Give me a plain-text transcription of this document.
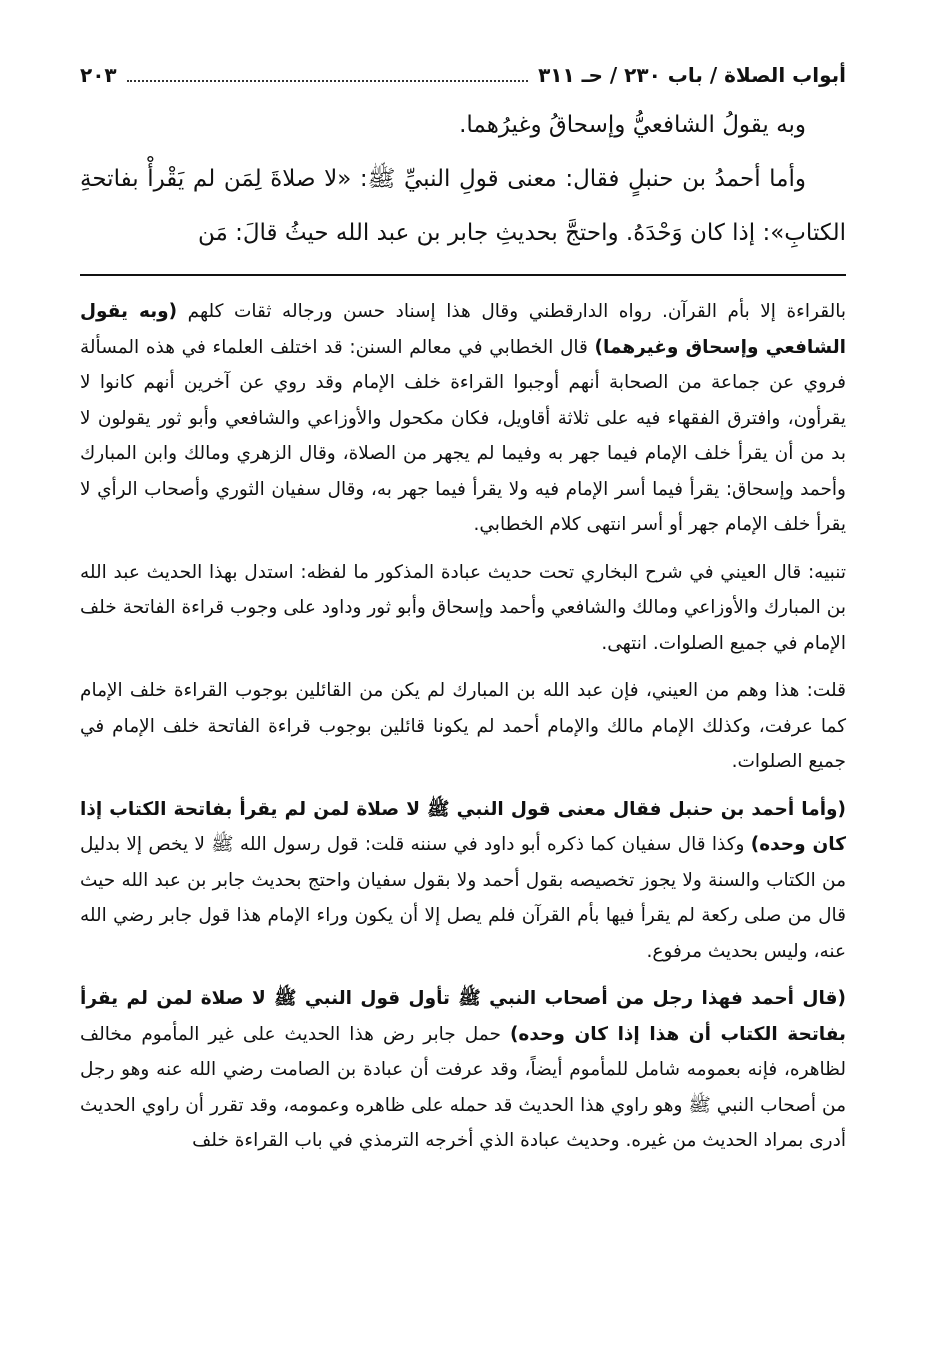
أبواب الصلاة / باب ٢٣٠ / حـ ٣١١
٢٠٣

وبه يقولُ الشافعيُّ وإسحاقُ وغيرُهما.

وأما أحمدُ بن حنبلٍ فقال: معنى قولِ النبيِّ ﷺ: «لا صلاةَ لِمَن لم يَقْرأْ بفاتحةِ الكتابِ»: إذا كان وَحْدَهُ. واحتجَّ بحديثِ جابر بن عبد الله حيثُ قالَ: مَن

بالقراءة إلا بأم القرآن. رواه الدارقطني وقال هذا إسناد حسن ورجاله ثقات كلهم (وبه يقول الشافعي وإسحاق وغيرهما) قال الخطابي في معالم السنن: قد اختلف العلماء في هذه المسألة فروي عن جماعة من الصحابة أنهم أوجبوا القراءة خلف الإمام وقد روي عن آخرين أنهم كانوا لا يقرأون، وافترق الفقهاء فيه على ثلاثة أقاويل، فكان مكحول والأوزاعي والشافعي وأبو ثور يقولون لا بد من أن يقرأ خلف الإمام فيما جهر به وفيما لم يجهر من الصلاة، وقال الزهري ومالك وابن المبارك وأحمد وإسحاق: يقرأ فيما أسر الإمام فيه ولا يقرأ فيما جهر به، وقال سفيان الثوري وأصحاب الرأي لا يقرأ خلف الإمام جهر أو أسر انتهى كلام الخطابي.

تنبيه: قال العيني في شرح البخاري تحت حديث عبادة المذكور ما لفظه: استدل بهذا الحديث عبد الله بن المبارك والأوزاعي ومالك والشافعي وأحمد وإسحاق وأبو ثور وداود على وجوب قراءة الفاتحة خلف الإمام في جميع الصلوات. انتهى.

قلت: هذا وهم من العيني، فإن عبد الله بن المبارك لم يكن من القائلين بوجوب القراءة خلف الإمام كما عرفت، وكذلك الإمام مالك والإمام أحمد لم يكونا قائلين بوجوب قراءة الفاتحة خلف الإمام في جميع الصلوات.

(وأما أحمد بن حنبل فقال معنى قول النبي ﷺ لا صلاة لمن لم يقرأ بفاتحة الكتاب إذا كان وحده) وكذا قال سفيان كما ذكره أبو داود في سننه قلت: قول رسول الله ﷺ لا يخص إلا بدليل من الكتاب والسنة ولا يجوز تخصيصه بقول أحمد ولا بقول سفيان واحتج بحديث جابر بن عبد الله حيث قال من صلى ركعة لم يقرأ فيها بأم القرآن فلم يصل إلا أن يكون وراء الإمام هذا قول جابر رضي الله عنه، وليس بحديث مرفوع.

(قال أحمد فهذا رجل من أصحاب النبي ﷺ تأول قول النبي ﷺ لا صلاة لمن لم يقرأ بفاتحة الكتاب أن هذا إذا كان وحده) حمل جابر رض هذا الحديث على غير المأموم مخالف لظاهره، فإنه بعمومه شامل للمأموم أيضاً، وقد عرفت أن عبادة بن الصامت رضي الله عنه وهو رجل من أصحاب النبي ﷺ وهو راوي هذا الحديث قد حمله على ظاهره وعمومه، وقد تقرر أن راوي الحديث أدرى بمراد الحديث من غيره. وحديث عبادة الذي أخرجه الترمذي في باب القراءة خلف
